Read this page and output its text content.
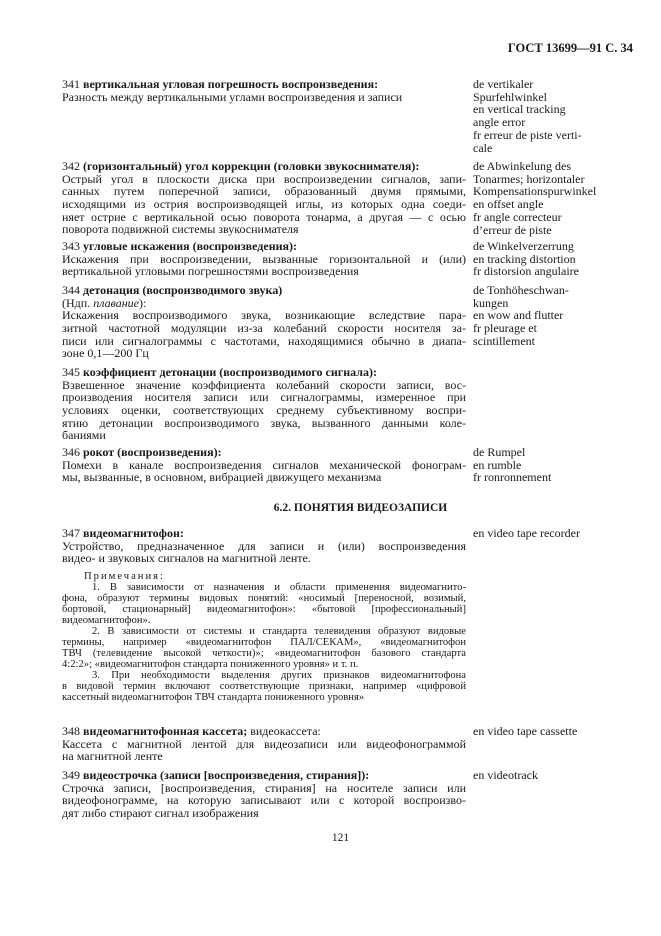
ГОСТ 13699—91 С. 34
341 вертикальная угловая погрешность воспроизведения:
Разность между вертикальными углами воспроизведения и записи
de vertikaler
Spurfehlwinkel
en vertical tracking
angle error
fr erreur de piste verti-
cale
342 (горизонтальный) угол коррекции (головки звукоснимателя):
Острый угол в плоскости диска при воспроизведении сигналов, запи-
санных путем поперечной записи, образованный двумя прямыми,
исходящими из острия воспроизводящей иглы, из которых одна соеди-
няет острие с вертикальной осью поворота тонарма, а другая — с осью
поворота подвижной системы звукоснимателя
de Abwinkelung des
Tonarmes; horizontaler
Kompensationspurwinkel
en offset angle
fr angle correcteur
d’erreur de piste
343 угловые искажения (воспроизведения):
Искажения при воспроизведении, вызванные горизонтальной и (или)
вертикальной угловыми погрешностями воспроизведения
de Winkelverzerrung
en tracking distortion
fr distorsion angulaire
344 детонация (воспроизводимого звука)
(Ндп. плавание):
Искажения воспроизводимого звука, возникающие вследствие пара-
зитной частотной модуляции из-за колебаний скорости носителя за-
писи или сигналограммы с частотами, находящимися обычно в диапа-
зоне 0,1—200 Гц
de Tonhöheschwan-
kungen
en wow and flutter
fr pleurage et
scintillement
345 коэффициент детонации (воспроизводимого сигнала):
Взвешенное значение коэффициента колебаний скорости записи, вос-
производения носителя записи или сигналограммы, измеренное при
условиях оценки, соответствующих среднему субъективному воспри-
ятию детонации воспроизводимого звука, вызванного данными коле-
баниями
346 рокот (воспроизведения):
Помехи в канале воспроизведения сигналов механической фонограм-
мы, вызванные, в основном, вибрацией движущего механизма
de Rumpel
en rumble
fr ronronnement
347 видеомагнитофон:
Устройство, предназначенное для записи и (или) воспроизведения
видео- и звуковых сигналов на магнитной ленте.
en video tape recorder
348 видеомагнитофонная кассета; видеокассета:
Кассета с магнитной лентой для видеозаписи или видеофонограммой
на магнитной ленте
en video tape cassette
349 видеострочка (записи [воспроизведения, стирания]):
Строчка записи, [воспроизведения, стирания] на носителе записи или
видеофонограмме, на которую записывают или с которой воспроизво-
дят либо стирают сигнал изображения
en videotrack
6.2. ПОНЯТИЯ ВИДЕОЗАПИСИ
Примечания:
1. В зависимости от назначения и области применения видеомагнито-
фона, образуют термины видовых понятий: «носимый [переносной, возимый,
бортовой, стационарный] видеомагнитофон»: «бытовой [профессиональный]
видеомагнитофон».
2. В зависимости от системы и стандарта телевидения образуют видовые
термины, например «видеомагнитофон ПАЛ/СЕКАМ», «видеомагнитофон
ТВЧ (телевидение высокой четкости)»; «видеомагнитофон базового стандарта
4:2:2»; «видеомагнитофон стандарта пониженного уровня» и т. п.
3. При необходимости выделения других признаков видеомагнитофона
в видовой термин включают соответствующие признаки, например «цифровой
кассетный видеомагнитофон ТВЧ стандарта пониженного уровня»
121
